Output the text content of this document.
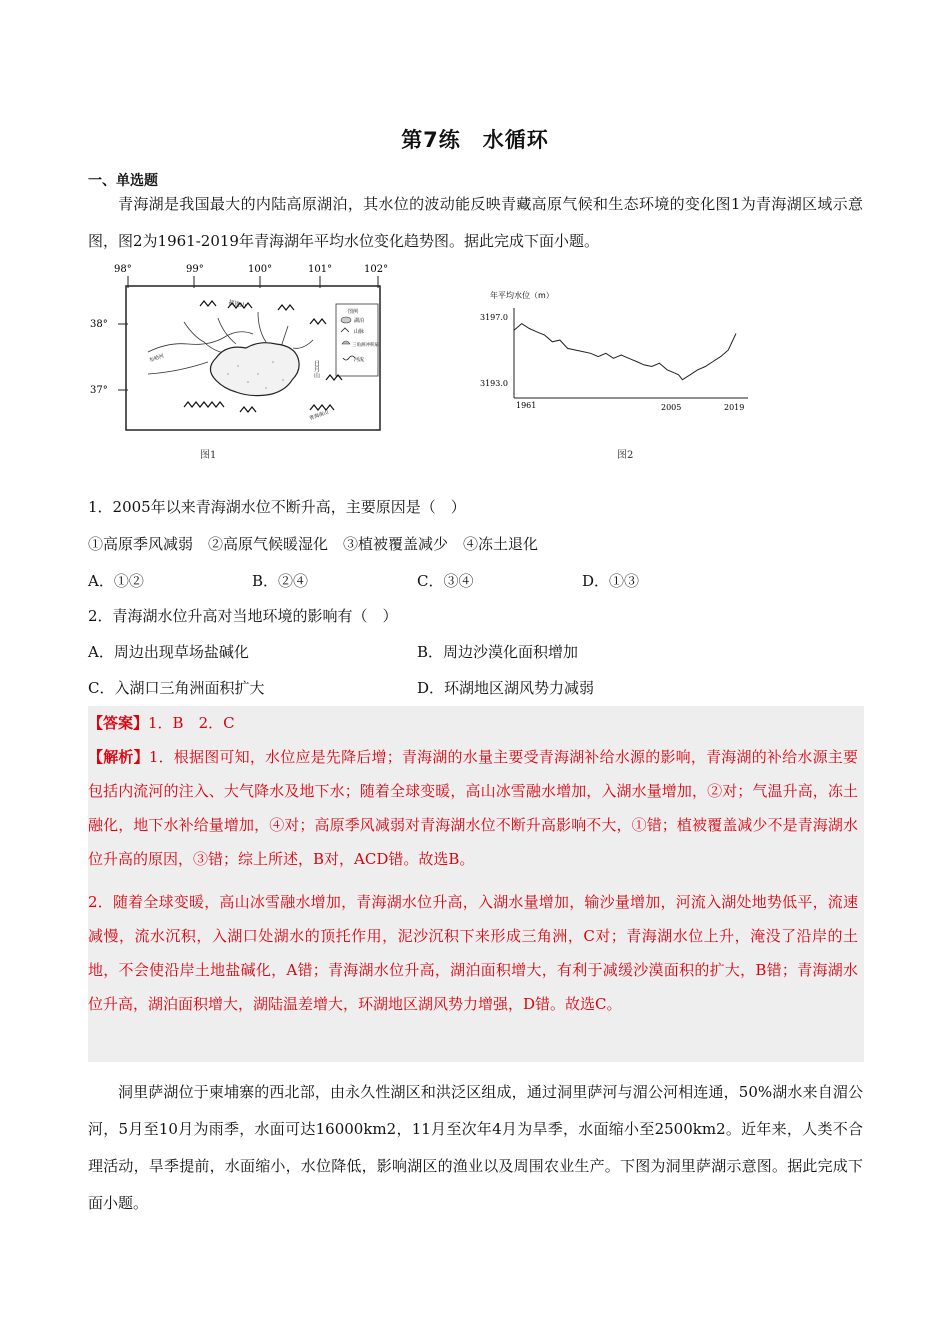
第7练　水循环
一、单选题
青海湖是我国最大的内陆高原湖泊，其水位的波动能反映青藏高原气候和生态环境的变化图1为青海湖区域示意图，图2为1961-2019年青海湖年平均水位变化趋势图。据此完成下面小题。
98°	99°	100°	101°	102°
38°
37°
图例
湖泊
山脉
三角洲冲积扇
河流
祁连山
日月山
青海南山
布哈河
图1
年平均水位（m）
3197.0
3193.0
1961	2005	2019
图2
1．2005年以来青海湖水位不断升高，主要原因是（　）
①高原季风减弱　②高原气候暖湿化　③植被覆盖减少　④冻土退化
A．①②	B．②④	C．③④	D．①③
2．青海湖水位升高对当地环境的影响有（　）
A．周边出现草场盐碱化	B．周边沙漠化面积增加
C．入湖口三角洲面积扩大	D．环湖地区湖风势力减弱
【答案】1．B　2．C
【解析】1．根据图可知，水位应是先降后增；青海湖的水量主要受青海湖补给水源的影响，青海湖的补给水源主要包括内流河的注入、大气降水及地下水；随着全球变暖，高山冰雪融水增加，入湖水量增加，②对；气温升高，冻土融化，地下水补给量增加，④对；高原季风减弱对青海湖水位不断升高影响不大，①错；植被覆盖减少不是青海湖水位升高的原因，③错；综上所述，B对，ACD错。故选B。
2．随着全球变暖，高山冰雪融水增加，青海湖水位升高，入湖水量增加，输沙量增加，河流入湖处地势低平，流速减慢，流水沉积，入湖口处湖水的顶托作用，泥沙沉积下来形成三角洲，C对；青海湖水位上升，淹没了沿岸的土地，不会使沿岸土地盐碱化，A错；青海湖水位升高，湖泊面积增大，有利于减缓沙漠面积的扩大，B错；青海湖水位升高，湖泊面积增大，湖陆温差增大，环湖地区湖风势力增强，D错。故选C。
洞里萨湖位于柬埔寨的西北部，由永久性湖区和洪泛区组成，通过洞里萨河与湄公河相连通，50%湖水来自湄公河，5月至10月为雨季，水面可达16000km2，11月至次年4月为旱季，水面缩小至2500km2。近年来，人类不合理活动，旱季提前，水面缩小，水位降低，影响湖区的渔业以及周围农业生产。下图为洞里萨湖示意图。据此完成下面小题。
